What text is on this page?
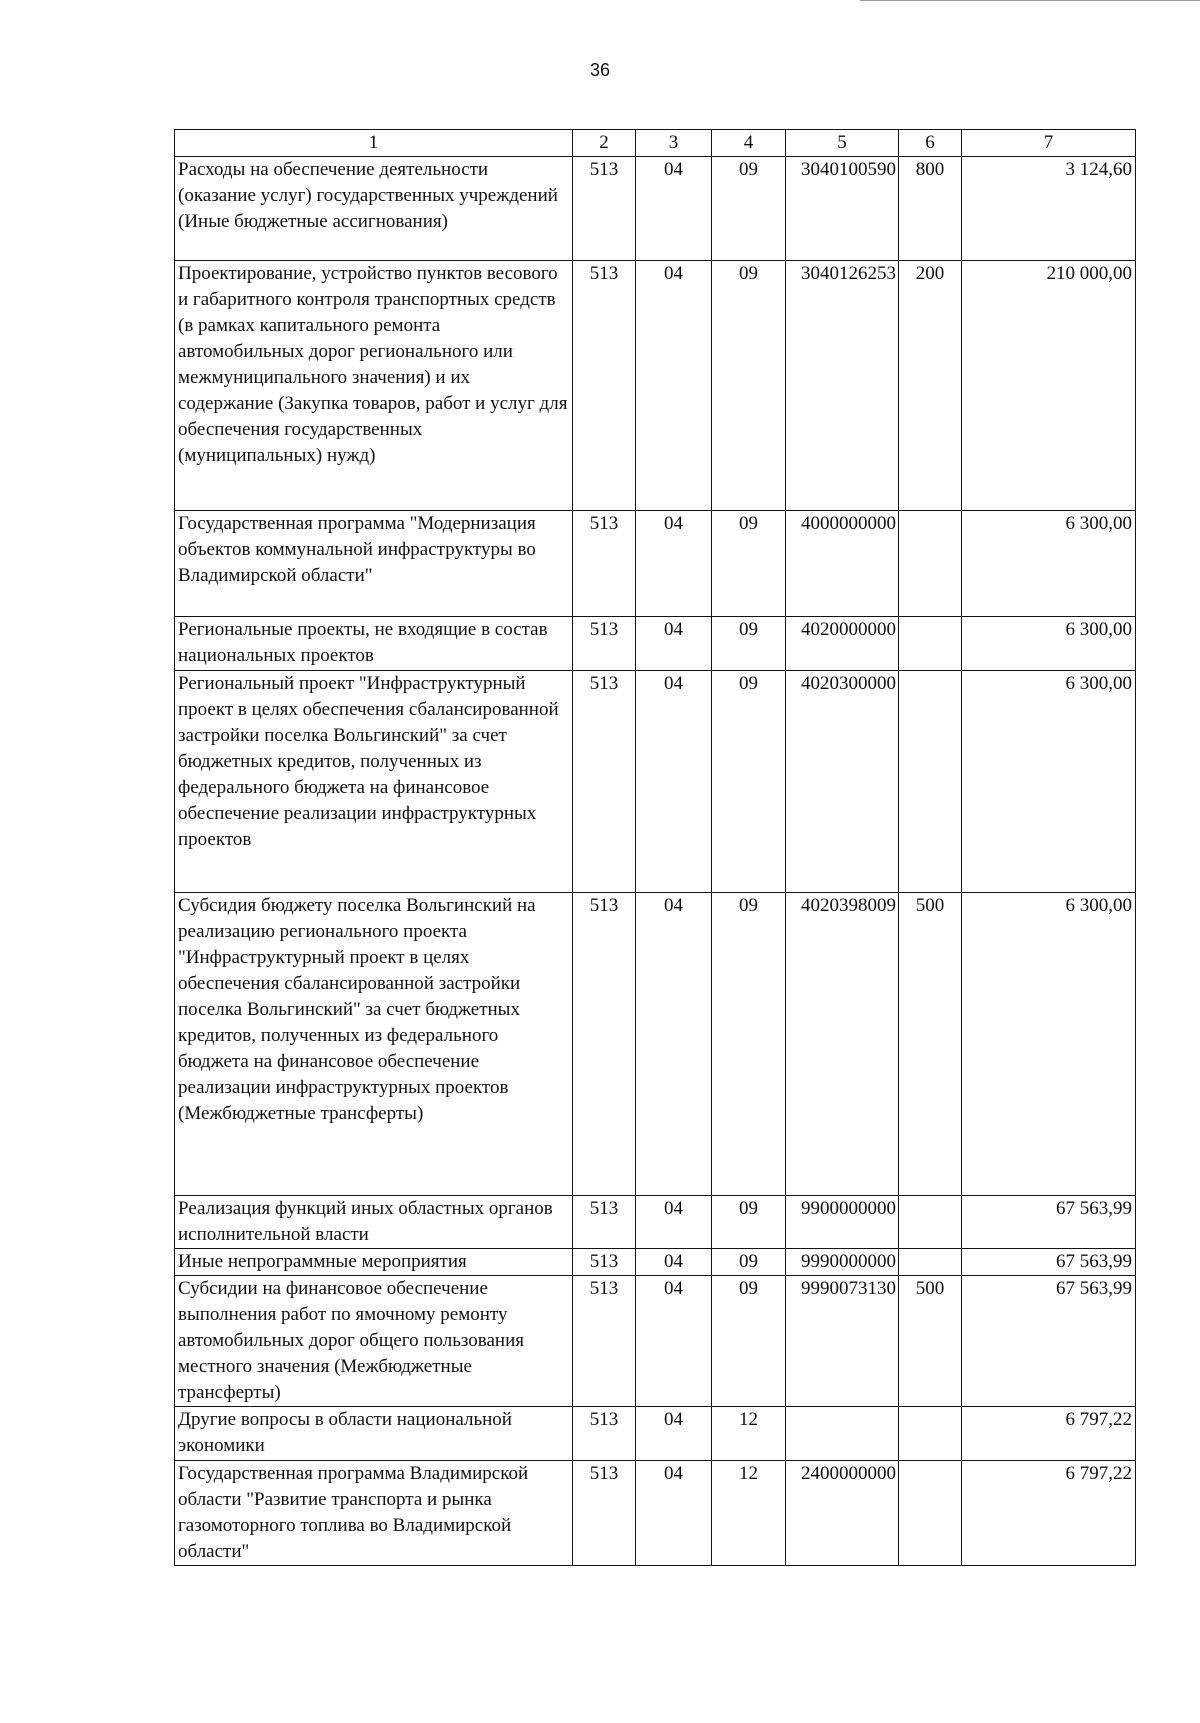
36
1	2	3	4	5	6	7
Расходы на обеспечение деятельности (оказание услуг) государственных учреждений (Иные бюджетные ассигнования)	513	04	09	3040100590	800	3 124,60
Проектирование, устройство пунктов весового и габаритного контроля транспортных средств (в рамках капитального ремонта автомобильных дорог регионального или межмуниципального значения) и их содержание (Закупка товаров, работ и услуг для обеспечения государственных (муниципальных) нужд)	513	04	09	3040126253	200	210 000,00
Государственная программа "Модернизация объектов коммунальной инфраструктуры во Владимирской области"	513	04	09	4000000000		6 300,00
Региональные проекты, не входящие в состав национальных проектов	513	04	09	4020000000		6 300,00
Региональный проект "Инфраструктурный проект в целях обеспечения сбалансированной застройки поселка Вольгинский" за счет бюджетных кредитов, полученных из федерального бюджета на финансовое обеспечение реализации инфраструктурных проектов	513	04	09	4020300000		6 300,00
Субсидия бюджету поселка Вольгинский на реализацию регионального проекта "Инфраструктурный проект в целях обеспечения сбалансированной застройки поселка Вольгинский" за счет бюджетных кредитов, полученных из федерального бюджета на финансовое обеспечение реализации инфраструктурных проектов (Межбюджетные трансферты)	513	04	09	4020398009	500	6 300,00
Реализация функций иных областных органов исполнительной власти	513	04	09	9900000000		67 563,99
Иные непрограммные мероприятия	513	04	09	9990000000		67 563,99
Субсидии на финансовое обеспечение выполнения работ по ямочному ремонту автомобильных дорог общего пользования местного значения (Межбюджетные трансферты)	513	04	09	9990073130	500	67 563,99
Другие вопросы в области национальной экономики	513	04	12			6 797,22
Государственная программа Владимирской области "Развитие транспорта и рынка газомоторного топлива во Владимирской области"	513	04	12	2400000000		6 797,22
